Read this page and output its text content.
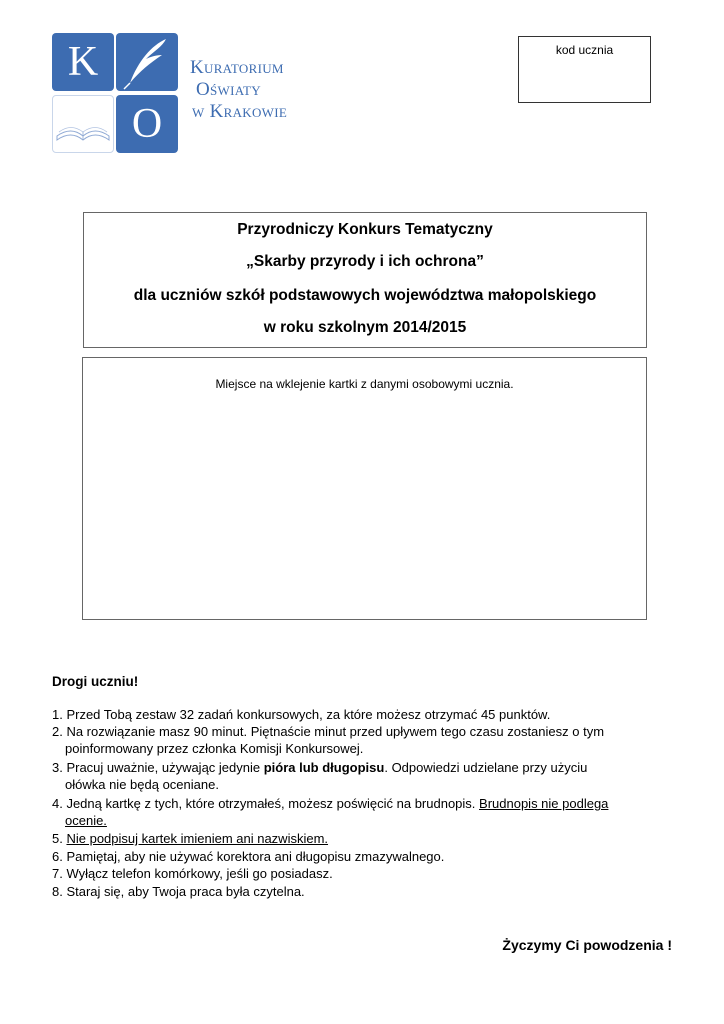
K
O
Kuratorium
Oświaty
w Krakowie
kod ucznia
Przyrodniczy Konkurs Tematyczny
„Skarby przyrody i ich ochrona”
dla uczniów szkół podstawowych województwa małopolskiego
w roku szkolnym 2014/2015
Miejsce na wklejenie kartki z danymi osobowymi ucznia.
Drogi uczniu!
1. Przed Tobą zestaw 32 zadań konkursowych, za które możesz otrzymać 45 punktów.
2. Na rozwiązanie masz 90 minut. Piętnaście minut przed upływem tego czasu zostaniesz o tym
poinformowany przez członka Komisji Konkursowej.
3. Pracuj uważnie, używając jedynie pióra lub długopisu. Odpowiedzi udzielane przy użyciu
ołówka nie będą oceniane.
4. Jedną kartkę z tych, które otrzymałeś, możesz poświęcić na brudnopis. Brudnopis nie podlega
ocenie.
5. Nie podpisuj kartek imieniem ani nazwiskiem.
6. Pamiętaj, aby nie używać korektora ani długopisu zmazywalnego.
7. Wyłącz telefon komórkowy, jeśli go posiadasz.
8. Staraj się, aby Twoja praca była czytelna.
Życzymy Ci powodzenia !
